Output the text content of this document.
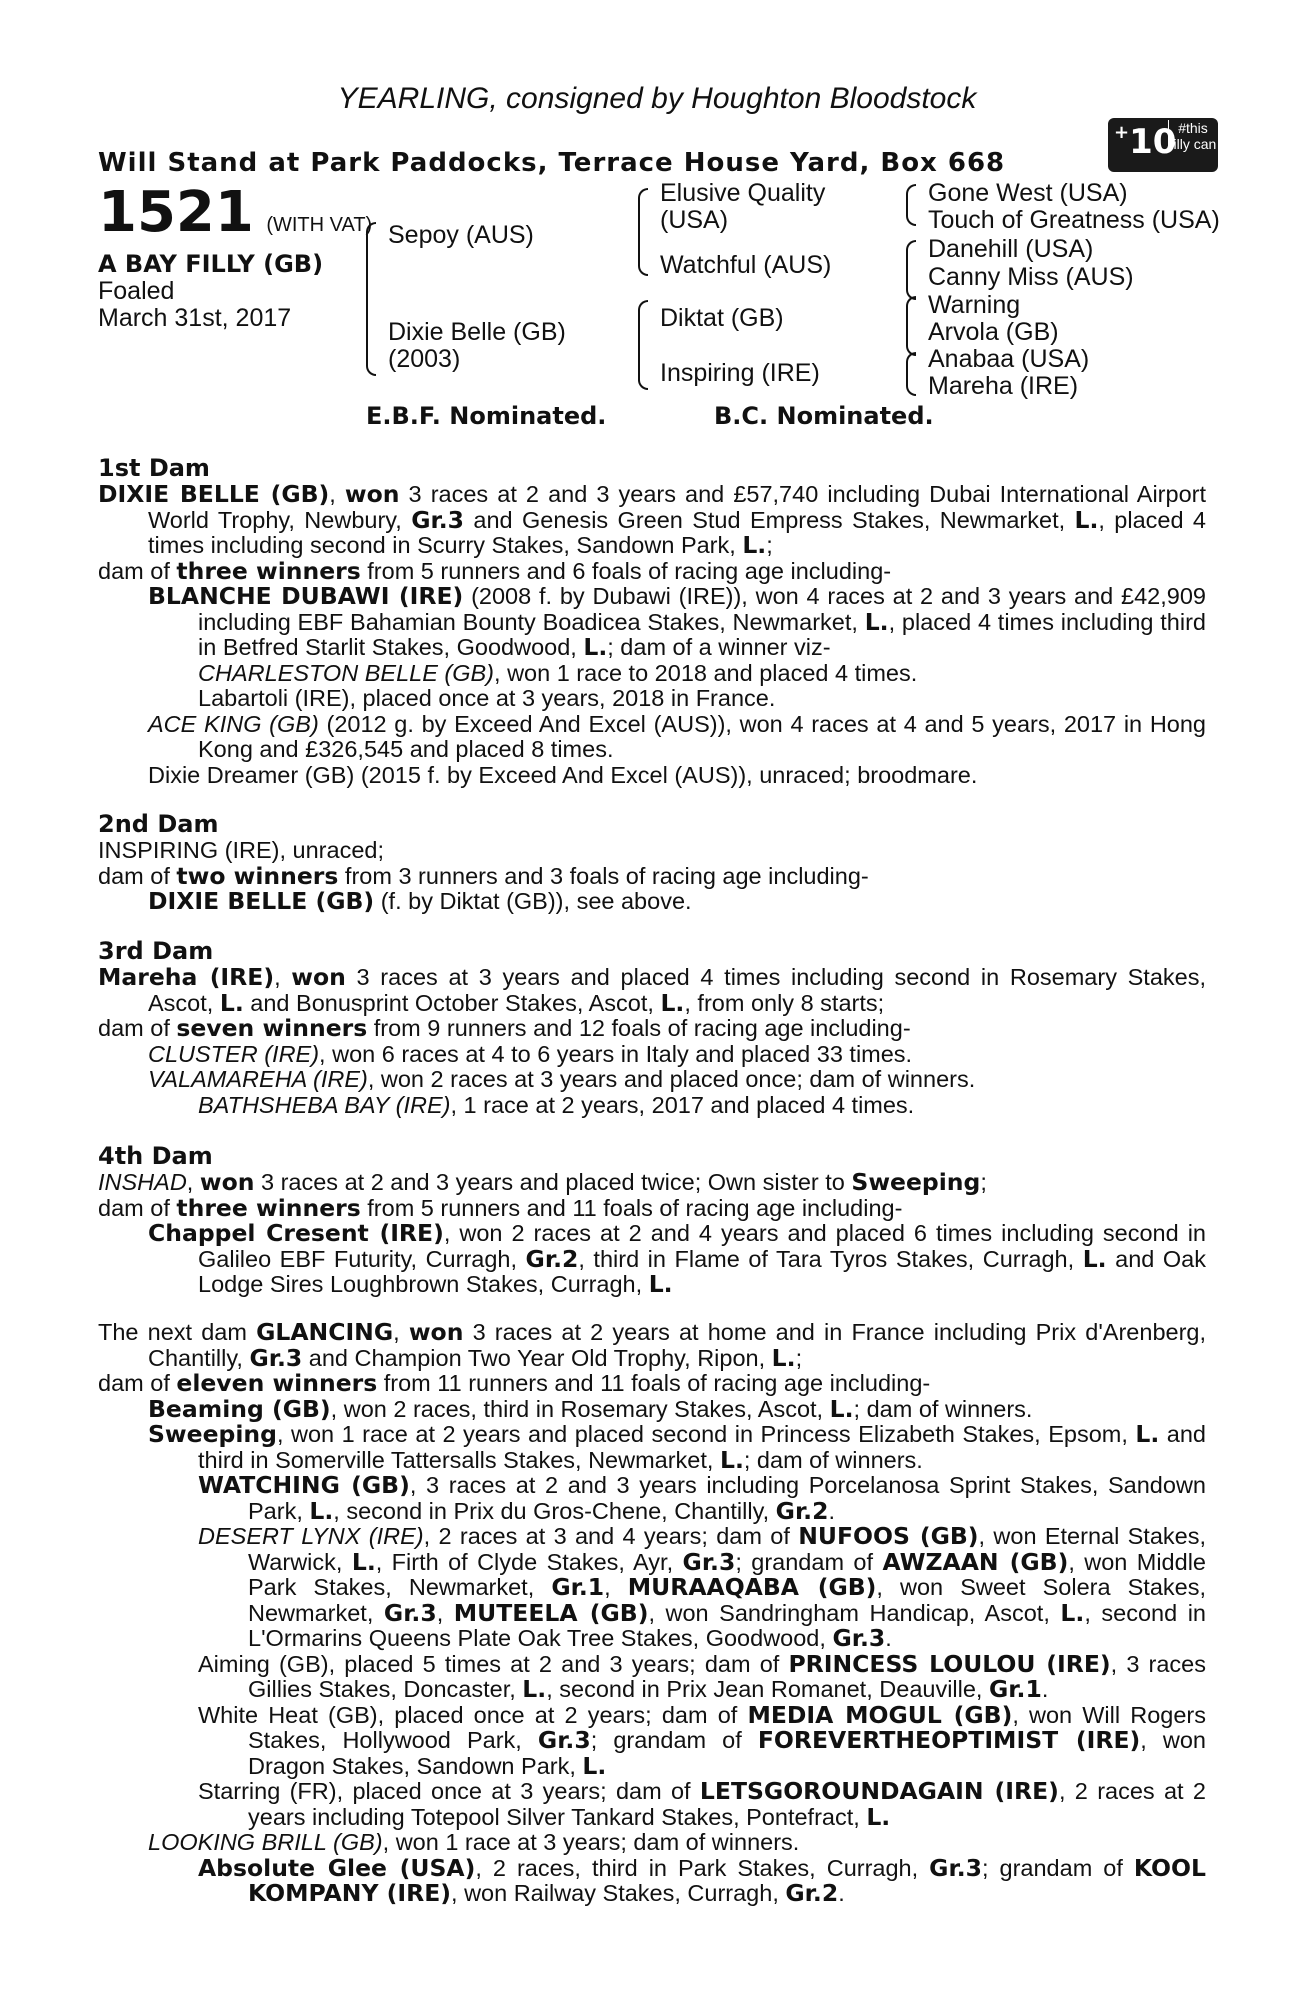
YEARLING, consigned by Houghton Bloodstock
Will Stand at Park Paddocks, Terrace House Yard, Box 668
+10 #this filly can
1521 (WITH VAT)
A BAY FILLY (GB)
Foaled
March 31st, 2017
Sepoy (AUS)
Dixie Belle (GB)
(2003)
Elusive Quality
(USA)
Watchful (AUS)
Diktat (GB)
Inspiring (IRE)
Gone West (USA)
Touch of Greatness (USA)
Danehill (USA)
Canny Miss (AUS)
Warning
Arvola (GB)
Anabaa (USA)
Mareha (IRE)
E.B.F. Nominated.	B.C. Nominated.
1st Dam
DIXIE BELLE (GB), won 3 races at 2 and 3 years and £57,740 including Dubai International Airport World Trophy, Newbury, Gr.3 and Genesis Green Stud Empress Stakes, Newmarket, L., placed 4 times including second in Scurry Stakes, Sandown Park, L.;
dam of three winners from 5 runners and 6 foals of racing age including-
BLANCHE DUBAWI (IRE) (2008 f. by Dubawi (IRE)), won 4 races at 2 and 3 years and £42,909 including EBF Bahamian Bounty Boadicea Stakes, Newmarket, L., placed 4 times including third in Betfred Starlit Stakes, Goodwood, L.; dam of a winner viz-
CHARLESTON BELLE (GB), won 1 race to 2018 and placed 4 times.
Labartoli (IRE), placed once at 3 years, 2018 in France.
ACE KING (GB) (2012 g. by Exceed And Excel (AUS)), won 4 races at 4 and 5 years, 2017 in Hong Kong and £326,545 and placed 8 times.
Dixie Dreamer (GB) (2015 f. by Exceed And Excel (AUS)), unraced; broodmare.
2nd Dam
INSPIRING (IRE), unraced;
dam of two winners from 3 runners and 3 foals of racing age including-
DIXIE BELLE (GB) (f. by Diktat (GB)), see above.
3rd Dam
Mareha (IRE), won 3 races at 3 years and placed 4 times including second in Rosemary Stakes, Ascot, L. and Bonusprint October Stakes, Ascot, L., from only 8 starts;
dam of seven winners from 9 runners and 12 foals of racing age including-
CLUSTER (IRE), won 6 races at 4 to 6 years in Italy and placed 33 times.
VALAMAREHA (IRE), won 2 races at 3 years and placed once; dam of winners.
BATHSHEBA BAY (IRE), 1 race at 2 years, 2017 and placed 4 times.
4th Dam
INSHAD, won 3 races at 2 and 3 years and placed twice; Own sister to Sweeping;
dam of three winners from 5 runners and 11 foals of racing age including-
Chappel Cresent (IRE), won 2 races at 2 and 4 years and placed 6 times including second in Galileo EBF Futurity, Curragh, Gr.2, third in Flame of Tara Tyros Stakes, Curragh, L. and Oak Lodge Sires Loughbrown Stakes, Curragh, L.
The next dam GLANCING, won 3 races at 2 years at home and in France including Prix d'Arenberg, Chantilly, Gr.3 and Champion Two Year Old Trophy, Ripon, L.;
dam of eleven winners from 11 runners and 11 foals of racing age including-
Beaming (GB), won 2 races, third in Rosemary Stakes, Ascot, L.; dam of winners.
Sweeping, won 1 race at 2 years and placed second in Princess Elizabeth Stakes, Epsom, L. and third in Somerville Tattersalls Stakes, Newmarket, L.; dam of winners.
WATCHING (GB), 3 races at 2 and 3 years including Porcelanosa Sprint Stakes, Sandown Park, L., second in Prix du Gros-Chene, Chantilly, Gr.2.
DESERT LYNX (IRE), 2 races at 3 and 4 years; dam of NUFOOS (GB), won Eternal Stakes, Warwick, L., Firth of Clyde Stakes, Ayr, Gr.3; grandam of AWZAAN (GB), won Middle Park Stakes, Newmarket, Gr.1, MURAAQABA (GB), won Sweet Solera Stakes, Newmarket, Gr.3, MUTEELA (GB), won Sandringham Handicap, Ascot, L., second in L'Ormarins Queens Plate Oak Tree Stakes, Goodwood, Gr.3.
Aiming (GB), placed 5 times at 2 and 3 years; dam of PRINCESS LOULOU (IRE), 3 races Gillies Stakes, Doncaster, L., second in Prix Jean Romanet, Deauville, Gr.1.
White Heat (GB), placed once at 2 years; dam of MEDIA MOGUL (GB), won Will Rogers Stakes, Hollywood Park, Gr.3; grandam of FOREVERTHEOPTIMIST (IRE), won Dragon Stakes, Sandown Park, L.
Starring (FR), placed once at 3 years; dam of LETSGOROUNDAGAIN (IRE), 2 races at 2 years including Totepool Silver Tankard Stakes, Pontefract, L.
LOOKING BRILL (GB), won 1 race at 3 years; dam of winners.
Absolute Glee (USA), 2 races, third in Park Stakes, Curragh, Gr.3; grandam of KOOL KOMPANY (IRE), won Railway Stakes, Curragh, Gr.2.
